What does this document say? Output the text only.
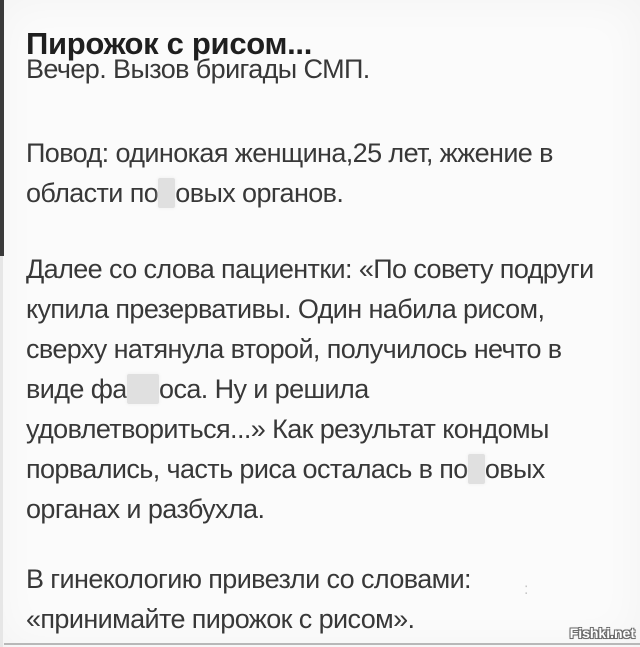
Пирожок с рисом...
Вечер. Вызов бригады СМП.
Повод: одинокая женщина,25 лет, жжение в
области по овых органов.
Далее со слова пациентки: «По совету подруги
купила презервативы. Один набила рисом,
сверху натянула второй, получилось нечто в
виде фа оса. Ну и решила
удовлетвориться...» Как результат кондомы
порвались, часть риса осталась в по овых
органах и разбухла.
В гинекологию привезли со словами:
«принимайте пирожок с рисом».
:
Fishki.net
